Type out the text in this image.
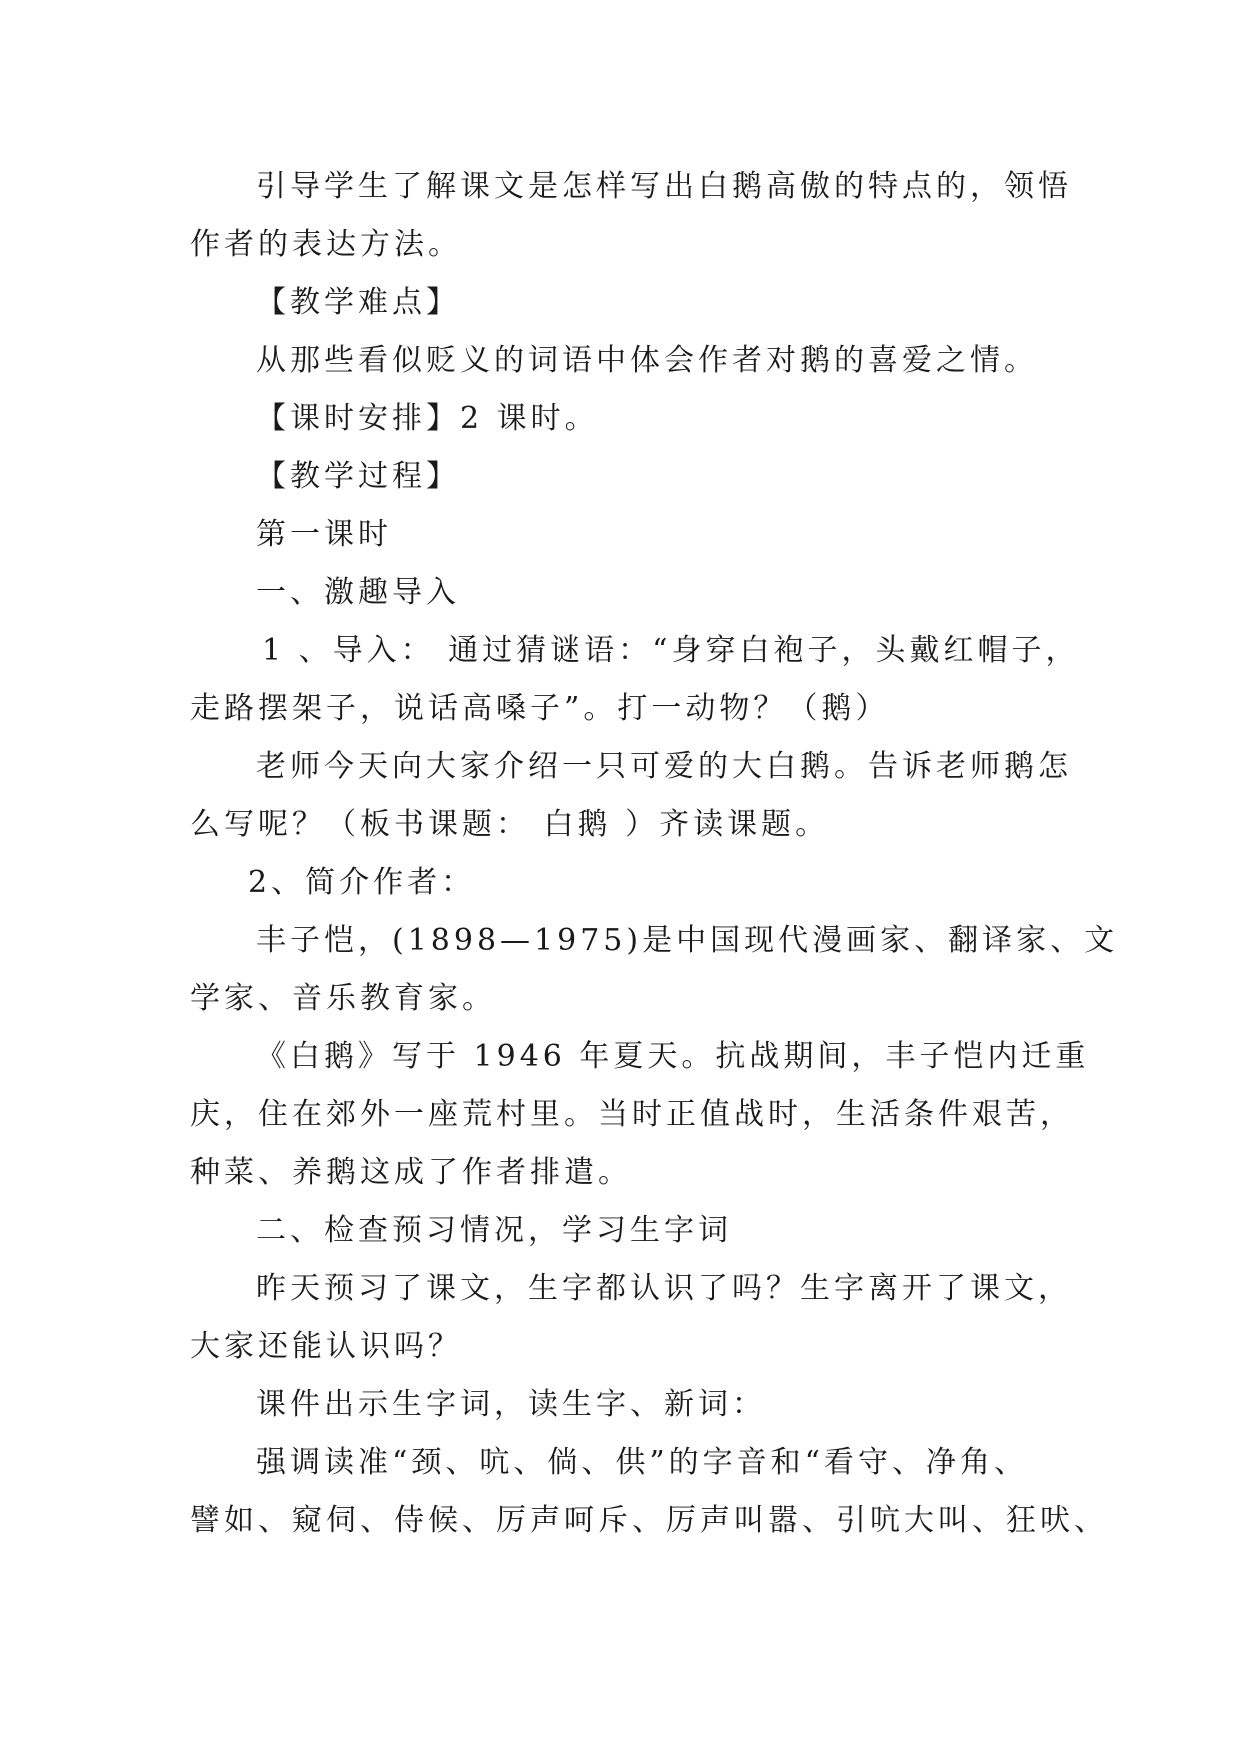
引导学生了解课文是怎样写出白鹅高傲的特点的，领悟
作者的表达方法。
【教学难点】
从那些看似贬义的词语中体会作者对鹅的喜爱之情。
【课时安排】2 课时。
【教学过程】
第一课时
一、激趣导入
1 、导入： 通过猜谜语：“身穿白袍子，头戴红帽子，
走路摆架子，说话高嗓子”。打一动物？（鹅）
老师今天向大家介绍一只可爱的大白鹅。告诉老师鹅怎
么写呢？（板书课题： 白鹅 ）齐读课题。
2、简介作者：
丰子恺，(1898—1975)是中国现代漫画家、翻译家、文
学家、音乐教育家。
《白鹅》写于 1946 年夏天。抗战期间，丰子恺内迁重
庆，住在郊外一座荒村里。当时正值战时，生活条件艰苦，
种菜、养鹅这成了作者排遣。
二、检查预习情况，学习生字词
昨天预习了课文，生字都认识了吗？生字离开了课文，
大家还能认识吗？
课件出示生字词，读生字、新词：
强调读准“颈、吭、倘、供”的字音和“看守、净角、
譬如、窥伺、侍候、厉声呵斥、厉声叫嚣、引吭大叫、狂吠、
